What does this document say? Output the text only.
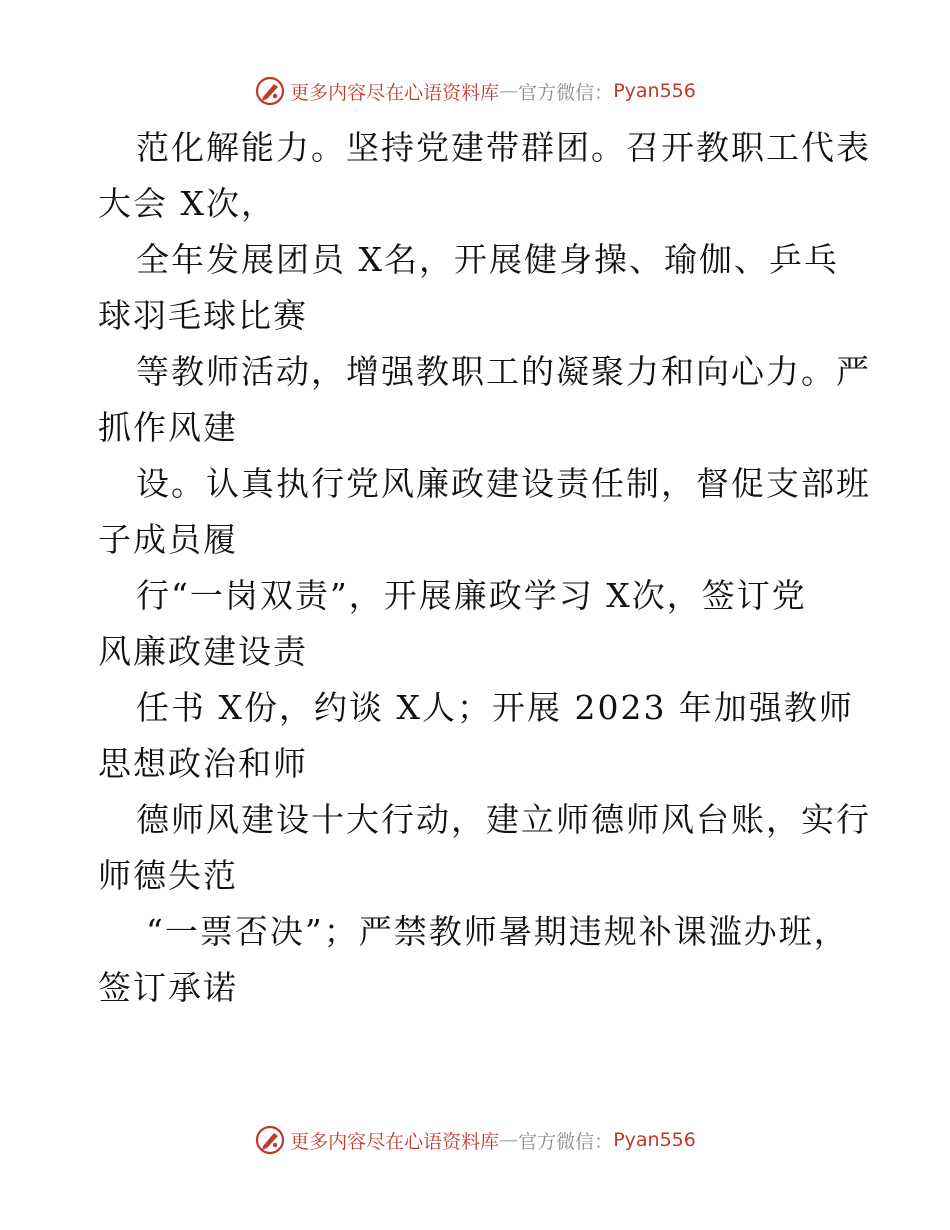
更多内容尽在心语资料库 — 官方微信： Pyan556
范化解能力。坚持党建带群团。召开教职工代表
大会 X次，
全年发展团员 X名，开展健身操、瑜伽、乒乓
球羽毛球比赛
等教师活动，增强教职工的凝聚力和向心力。严
抓作风建
设。认真执行党风廉政建设责任制，督促支部班
子成员履
行“一岗双责”，开展廉政学习 X次，签订党
风廉政建设责
任书 X份，约谈 X人；开展 2023 年加强教师
思想政治和师
德师风建设十大行动，建立师德师风台账，实行
师德失范
“一票否决”；严禁教师暑期违规补课滥办班，
签订承诺
更多内容尽在心语资料库 — 官方微信： Pyan556
